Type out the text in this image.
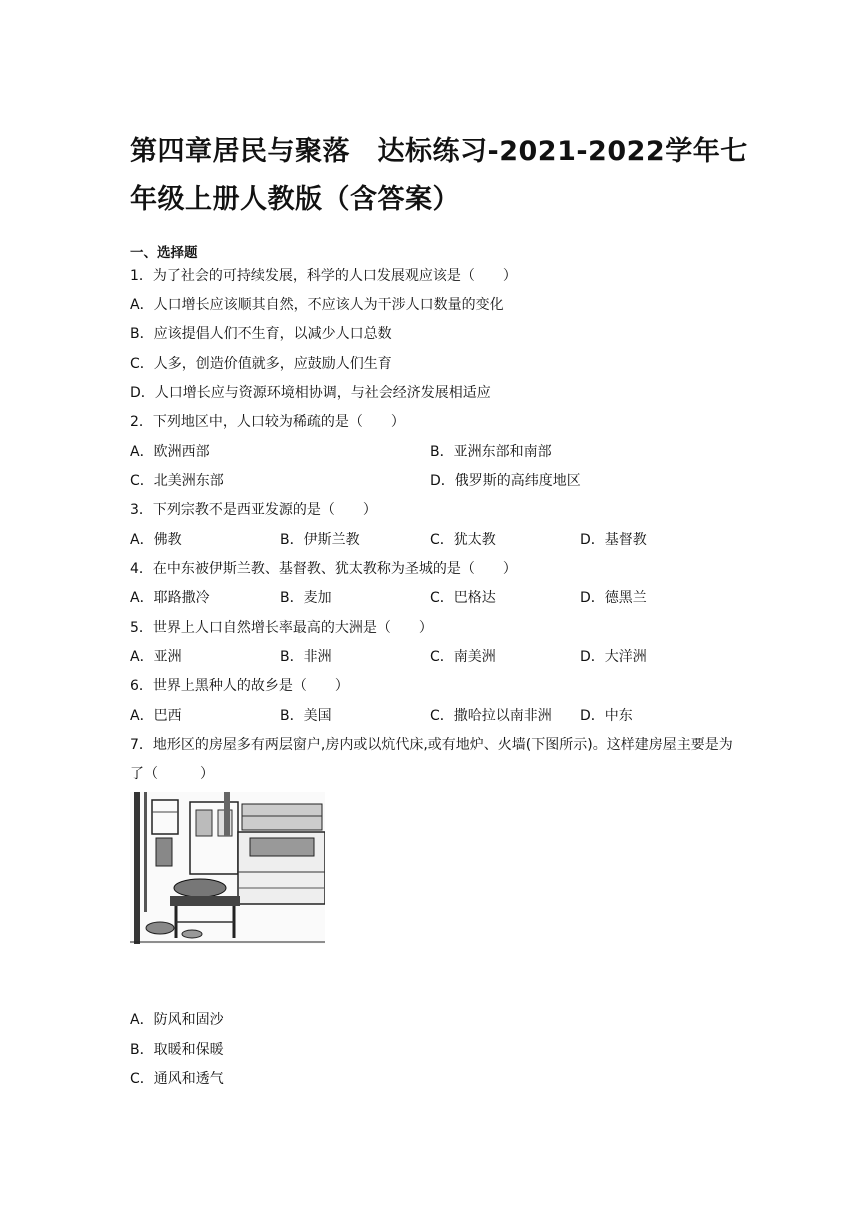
第四章居民与聚落　达标练习-2021-2022学年七年级上册人教版（含答案）
一、选择题
1．为了社会的可持续发展，科学的人口发展观应该是（　　）
A．人口增长应该顺其自然，不应该人为干涉人口数量的变化
B．应该提倡人们不生育，以减少人口总数
C．人多，创造价值就多，应鼓励人们生育
D．人口增长应与资源环境相协调，与社会经济发展相适应
2．下列地区中，人口较为稀疏的是（　　）
A．欧洲西部	B．亚洲东部和南部
C．北美洲东部	D．俄罗斯的高纬度地区
3．下列宗教不是西亚发源的是（　　）
A．佛教	B．伊斯兰教	C．犹太教	D．基督教
4．在中东被伊斯兰教、基督教、犹太教称为圣城的是（　　）
A．耶路撒冷	B．麦加	C．巴格达	D．德黑兰
5．世界上人口自然增长率最高的大洲是（　　）
A．亚洲	B．非洲	C．南美洲	D．大洋洲
6．世界上黑种人的故乡是（　　）
A．巴西	B．美国	C．撒哈拉以南非洲 D．中东
7．地形区的房屋多有两层窗户,房内或以炕代床,或有地炉、火墙(下图所示)。这样建房屋主要是为了（　　　）
A．防风和固沙
B．取暖和保暖
C．通风和透气
